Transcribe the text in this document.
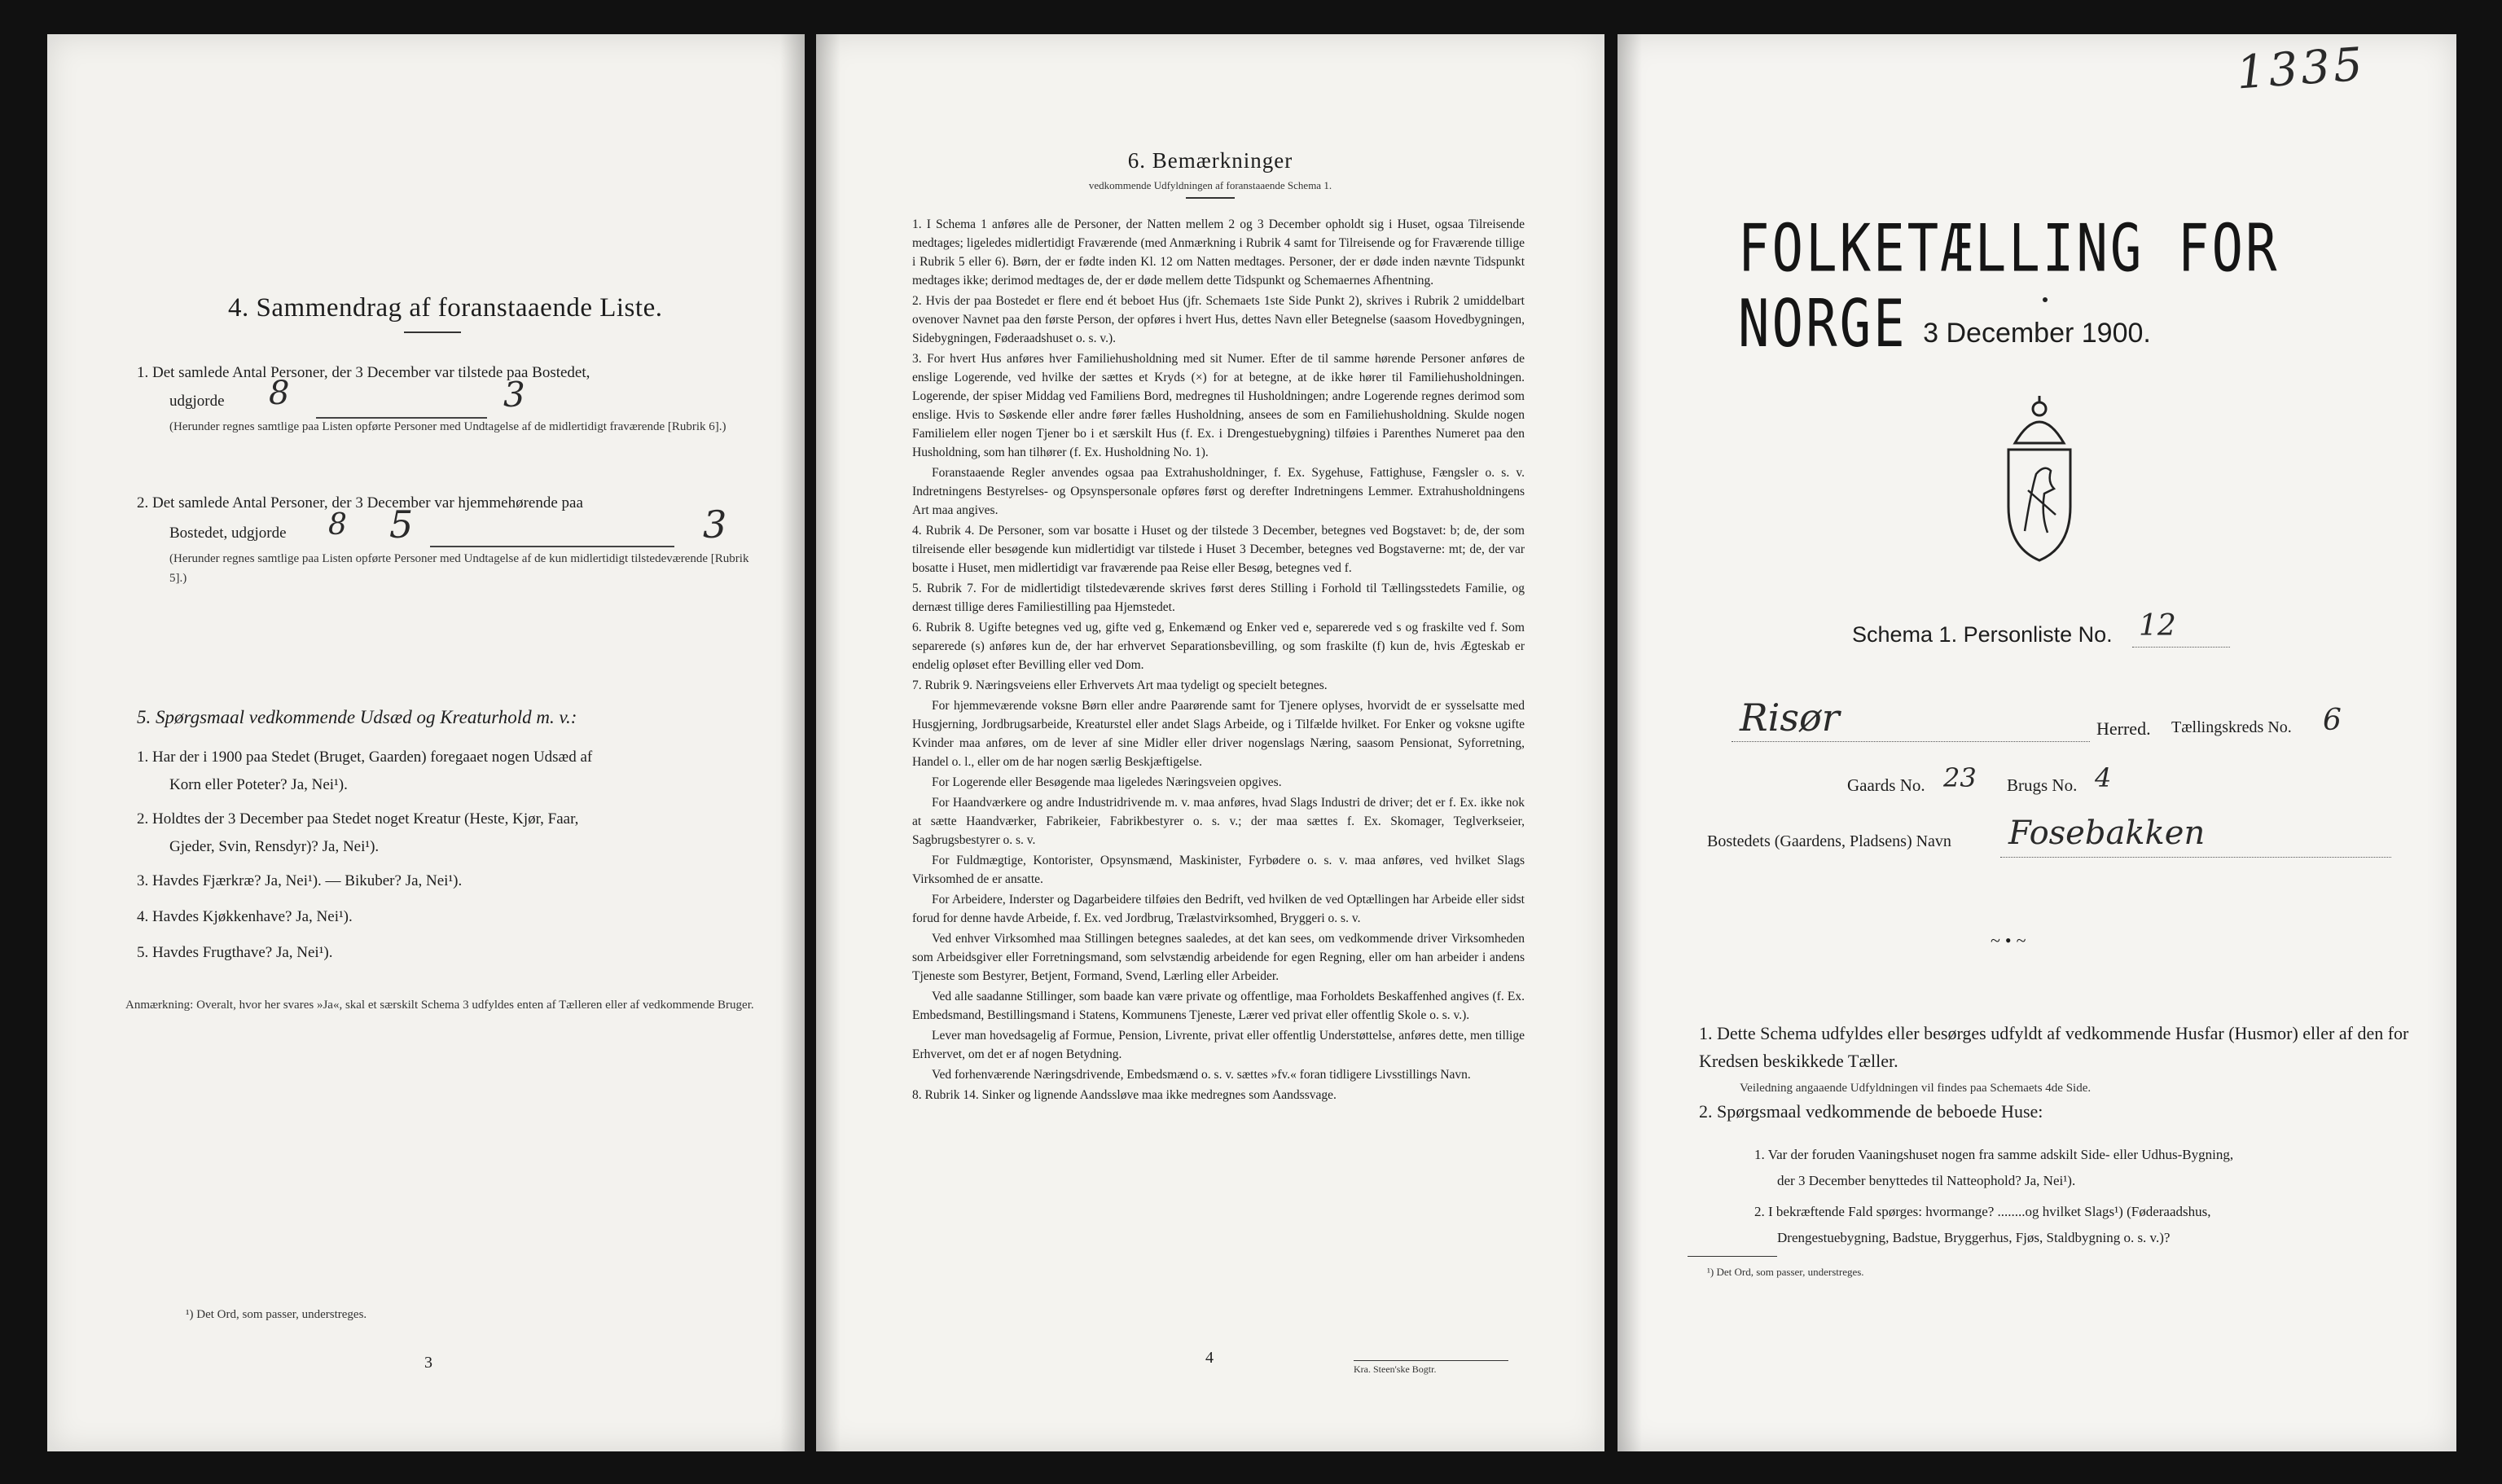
4. Sammendrag af foranstaaende Liste.
1. Det samlede Antal Personer, der 3 December var tilstede paa Bostedet,
udgjorde 8	3
(Herunder regnes samtlige paa Listen opførte Personer med Undtagelse af de midlertidigt fraværende [Rubrik 6].)
2. Det samlede Antal Personer, der 3 December var hjemmehørende paa
Bostedet, udgjorde 8 5	3
(Herunder regnes samtlige paa Listen opførte Personer med Undtagelse af de kun midlertidigt tilstedeværende [Rubrik 5].)
5. Spørgsmaal vedkommende Udsæd og Kreaturhold m. v.:
1. Har der i 1900 paa Stedet (Bruget, Gaarden) foregaaet nogen Udsæd af
Korn eller Poteter? Ja, Nei¹).
2. Holdtes der 3 December paa Stedet noget Kreatur (Heste, Kjør, Faar,
Gjeder, Svin, Rensdyr)? Ja, Nei¹).
3. Havdes Fjærkræ? Ja, Nei¹). — Bikuber? Ja, Nei¹).
4. Havdes Kjøkkenhave? Ja, Nei¹).
5. Havdes Frugthave? Ja, Nei¹).
Anmærkning: Overalt, hvor her svares »Ja«, skal et særskilt Schema 3 udfyldes enten af Tælleren eller af vedkommende Bruger.
¹) Det Ord, som passer, understreges.
3
6. Bemærkninger
vedkommende Udfyldningen af foranstaaende Schema 1.

1. I Schema 1 anføres alle de Personer, der Natten mellem 2 og 3 December opholdt sig i Huset, ogsaa Tilreisende medtages; ligeledes midlertidigt Fraværende (med Anmærkning i Rubrik 4 samt for Tilreisende og for Fraværende tillige i Rubrik 5 eller 6). Børn, der er fødte inden Kl. 12 om Natten medtages. Personer, der er døde inden nævnte Tidspunkt medtages ikke; derimod medtages de, der er døde mellem dette Tidspunkt og Schemaernes Afhentning.

2. Hvis der paa Bostedet er flere end ét beboet Hus (jfr. Schemaets 1ste Side Punkt 2), skrives i Rubrik 2 umiddelbart ovenover Navnet paa den første Person, der opføres i hvert Hus, dettes Navn eller Betegnelse (saasom Hovedbygningen, Sidebygningen, Føderaadshuset o. s. v.).

3. For hvert Hus anføres hver Familiehusholdning med sit Numer. Efter de til samme hørende Personer anføres de enslige Logerende, ved hvilke der sættes et Kryds (×) for at betegne, at de ikke hører til Familiehusholdningen. Logerende, der spiser Middag ved Familiens Bord, medregnes til Husholdningen; andre Logerende regnes derimod som enslige. Hvis to Søskende eller andre fører fælles Husholdning, ansees de som en Familiehusholdning. Skulde nogen Familielem eller nogen Tjener bo i et særskilt Hus (f. Ex. i Drengestuebygning) tilføies i Parenthes Numeret paa den Husholdning, som han tilhører (f. Ex. Husholdning No. 1).

Foranstaaende Regler anvendes ogsaa paa Extrahusholdninger, f. Ex. Sygehuse, Fattighuse, Fængsler o. s. v. Indretningens Bestyrelses- og Opsynspersonale opføres først og derefter Indretningens Lemmer. Extrahusholdningens Art maa angives.

4. Rubrik 4. De Personer, som var bosatte i Huset og der tilstede 3 December, betegnes ved Bogstavet: b; de, der som tilreisende eller besøgende kun midlertidigt var tilstede i Huset 3 December, betegnes ved Bogstaverne: mt; de, der var bosatte i Huset, men midlertidigt var fraværende paa Reise eller Besøg, betegnes ved f.

5. Rubrik 7. For de midlertidigt tilstedeværende skrives først deres Stilling i Forhold til Tællingsstedets Familie, og dernæst tillige deres Familiestilling paa Hjemstedet.

6. Rubrik 8. Ugifte betegnes ved ug, gifte ved g, Enkemænd og Enker ved e, separerede ved s og fraskilte ved f. Som separerede (s) anføres kun de, der har erhvervet Separationsbevilling, og som fraskilte (f) kun de, hvis Ægteskab er endelig opløset efter Bevilling eller ved Dom.

7. Rubrik 9. Næringsveiens eller Erhvervets Art maa tydeligt og specielt betegnes.

For hjemmeværende voksne Børn eller andre Paarørende samt for Tjenere oplyses, hvorvidt de er sysselsatte med Husgjerning, Jordbrugsarbeide, Kreaturstel eller andet Slags Arbeide, og i Tilfælde hvilket. For Enker og voksne ugifte Kvinder maa anføres, om de lever af sine Midler eller driver nogenslags Næring, saasom Pensionat, Syforretning, Handel o. l., eller om de har nogen særlig Beskjæftigelse.

For Logerende eller Besøgende maa ligeledes Næringsveien opgives.

For Haandværkere og andre Industridrivende m. v. maa anføres, hvad Slags Industri de driver; det er f. Ex. ikke nok at sætte Haandværker, Fabrikeier, Fabrikbestyrer o. s. v.; der maa sættes f. Ex. Skomager, Teglverkseier, Sagbrugsbestyrer o. s. v.

For Fuldmægtige, Kontorister, Opsynsmænd, Maskinister, Fyrbødere o. s. v. maa anføres, ved hvilket Slags Virksomhed de er ansatte.

For Arbeidere, Inderster og Dagarbeidere tilføies den Bedrift, ved hvilken de ved Optællingen har Arbeide eller sidst forud for denne havde Arbeide, f. Ex. ved Jordbrug, Trælastvirksomhed, Bryggeri o. s. v.

Ved enhver Virksomhed maa Stillingen betegnes saaledes, at det kan sees, om vedkommende driver Virksomheden som Arbeidsgiver eller Forretningsmand, som selvstændig arbeidende for egen Regning, eller om han arbeider i andens Tjeneste som Bestyrer, Betjent, Formand, Svend, Lærling eller Arbeider.

Ved alle saadanne Stillinger, som baade kan være private og offentlige, maa Forholdets Beskaffenhed angives (f. Ex. Embedsmand, Bestillingsmand i Statens, Kommunens Tjeneste, Lærer ved privat eller offentlig Skole o. s. v.).

Lever man hovedsagelig af Formue, Pension, Livrente, privat eller offentlig Understøttelse, anføres dette, men tillige Erhvervet, om det er af nogen Betydning.

Ved forhenværende Næringsdrivende, Embedsmænd o. s. v. sættes »fv.« foran tidligere Livsstillings Navn.

8. Rubrik 14. Sinker og lignende Aandssløve maa ikke medregnes som Aandssvage.

4
Kra. Steen'ske Bogtr.
1335
FOLKETÆLLING FOR NORGE 3 December 1900.
Schema 1. Personliste No. 12
Risør	Herred. Tællingskreds No. 6
Gaards No. 23 Brugs No. 4
Bostedets (Gaardens, Pladsens) Navn Fosebakken
~•~
1. Dette Schema udfyldes eller besørges udfyldt af vedkommende Husfar (Husmor) eller af den for Kredsen beskikkede Tæller.
Veiledning angaaende Udfyldningen vil findes paa Schemaets 4de Side.
2. Spørgsmaal vedkommende de beboede Huse:
1. Var der foruden Vaaningshuset nogen fra samme adskilt Side- eller Udhus-Bygning,
der 3 December benyttedes til Natteophold? Ja, Nei¹).
2. I bekræftende Fald spørges: hvormange? ........og hvilket Slags¹) (Føderaadshus,
Drengestuebygning, Badstue, Bryggerhus, Fjøs, Staldbygning o. s. v.)?
¹) Det Ord, som passer, understreges.
